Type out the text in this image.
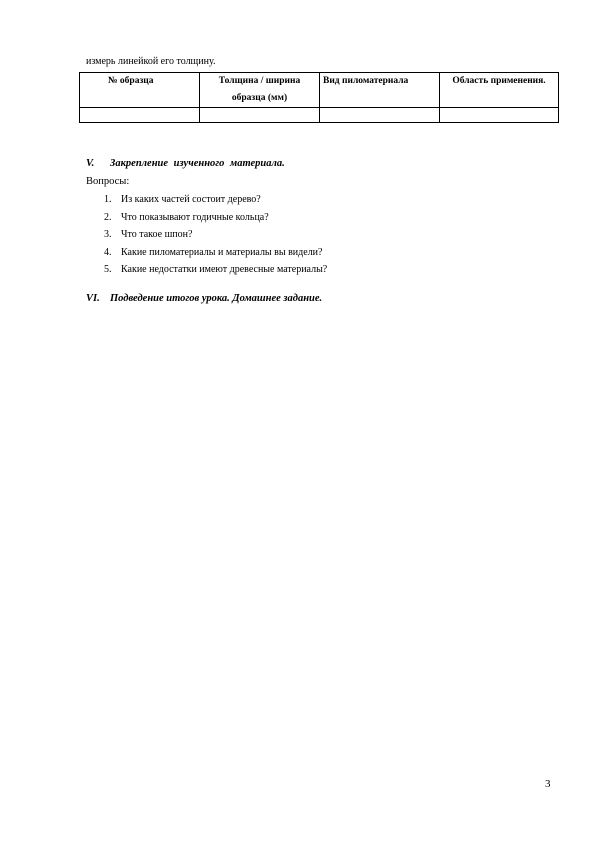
измерь линейкой его толщину.
№ образца	Толщина / ширина образца (мм)	Вид пиломатериала	Область применения.

V. Закрепление изученного материала.
Вопросы:
1. Из каких частей состоит дерево?
2. Что показывают годичные кольца?
3. Что такое шпон?
4. Какие пиломатериалы и материалы вы видели?
5. Какие недостатки имеют древесные материалы?
VI. Подведение итогов урока. Домашнее задание.
3
